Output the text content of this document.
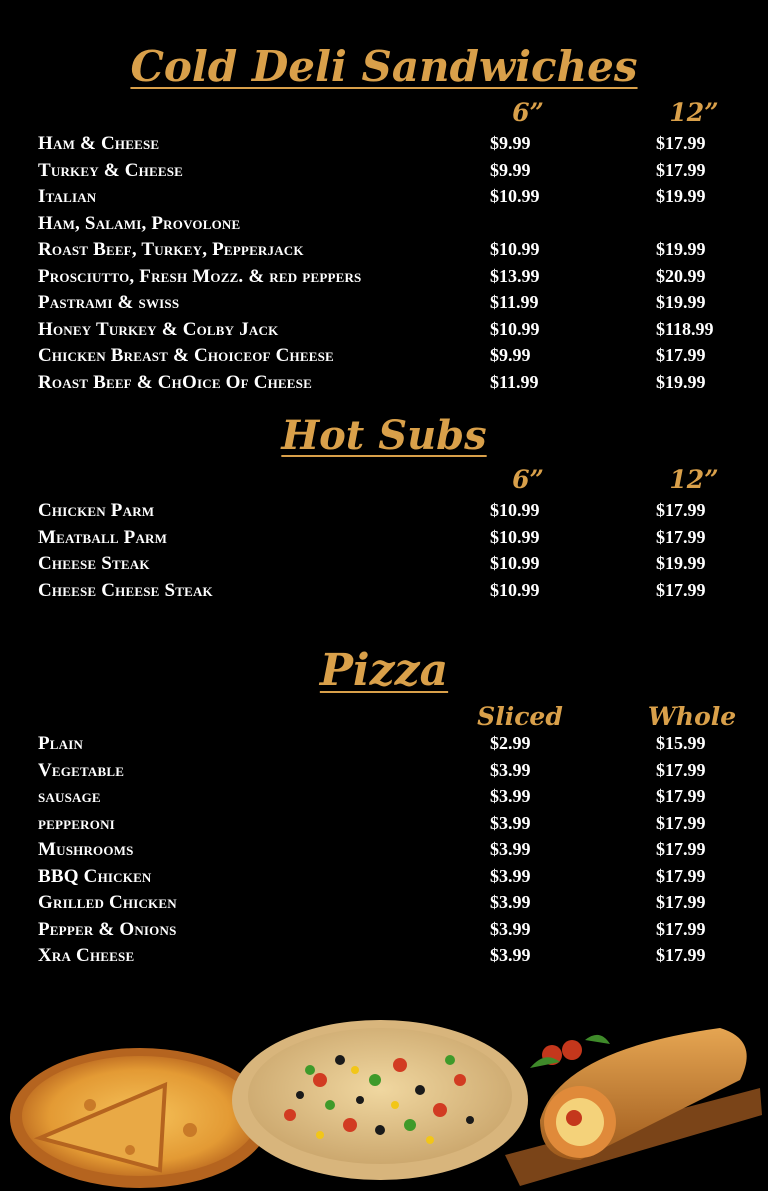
Cold Deli Sandwiches
6”	12”
Ham & Cheese	$9.99	$17.99
Turkey & Cheese	$9.99	$17.99
Italian	$10.99	$19.99
Ham, Salami, Provolone
Roast Beef, Turkey, Pepperjack	$10.99	$19.99
Prosciutto, Fresh Mozz. & red peppers	$13.99	$20.99
Pastrami & swiss	$11.99	$19.99
Honey Turkey & Colby Jack	$10.99	$118.99
Chicken Breast & Choiceof Cheese	$9.99	$17.99
Roast Beef & ChOice Of Cheese	$11.99	$19.99
Hot Subs
6”	12”
Chicken Parm	$10.99	$17.99
Meatball Parm	$10.99	$17.99
Cheese Steak	$10.99	$19.99
Cheese Cheese Steak	$10.99	$17.99
Pizza
Sliced	Whole
Plain	$2.99	$15.99
Vegetable	$3.99	$17.99
sausage	$3.99	$17.99
pepperoni	$3.99	$17.99
Mushrooms	$3.99	$17.99
BBQ Chicken	$3.99	$17.99
Grilled Chicken	$3.99	$17.99
Pepper & Onions	$3.99	$17.99
Xra Cheese	$3.99	$17.99
